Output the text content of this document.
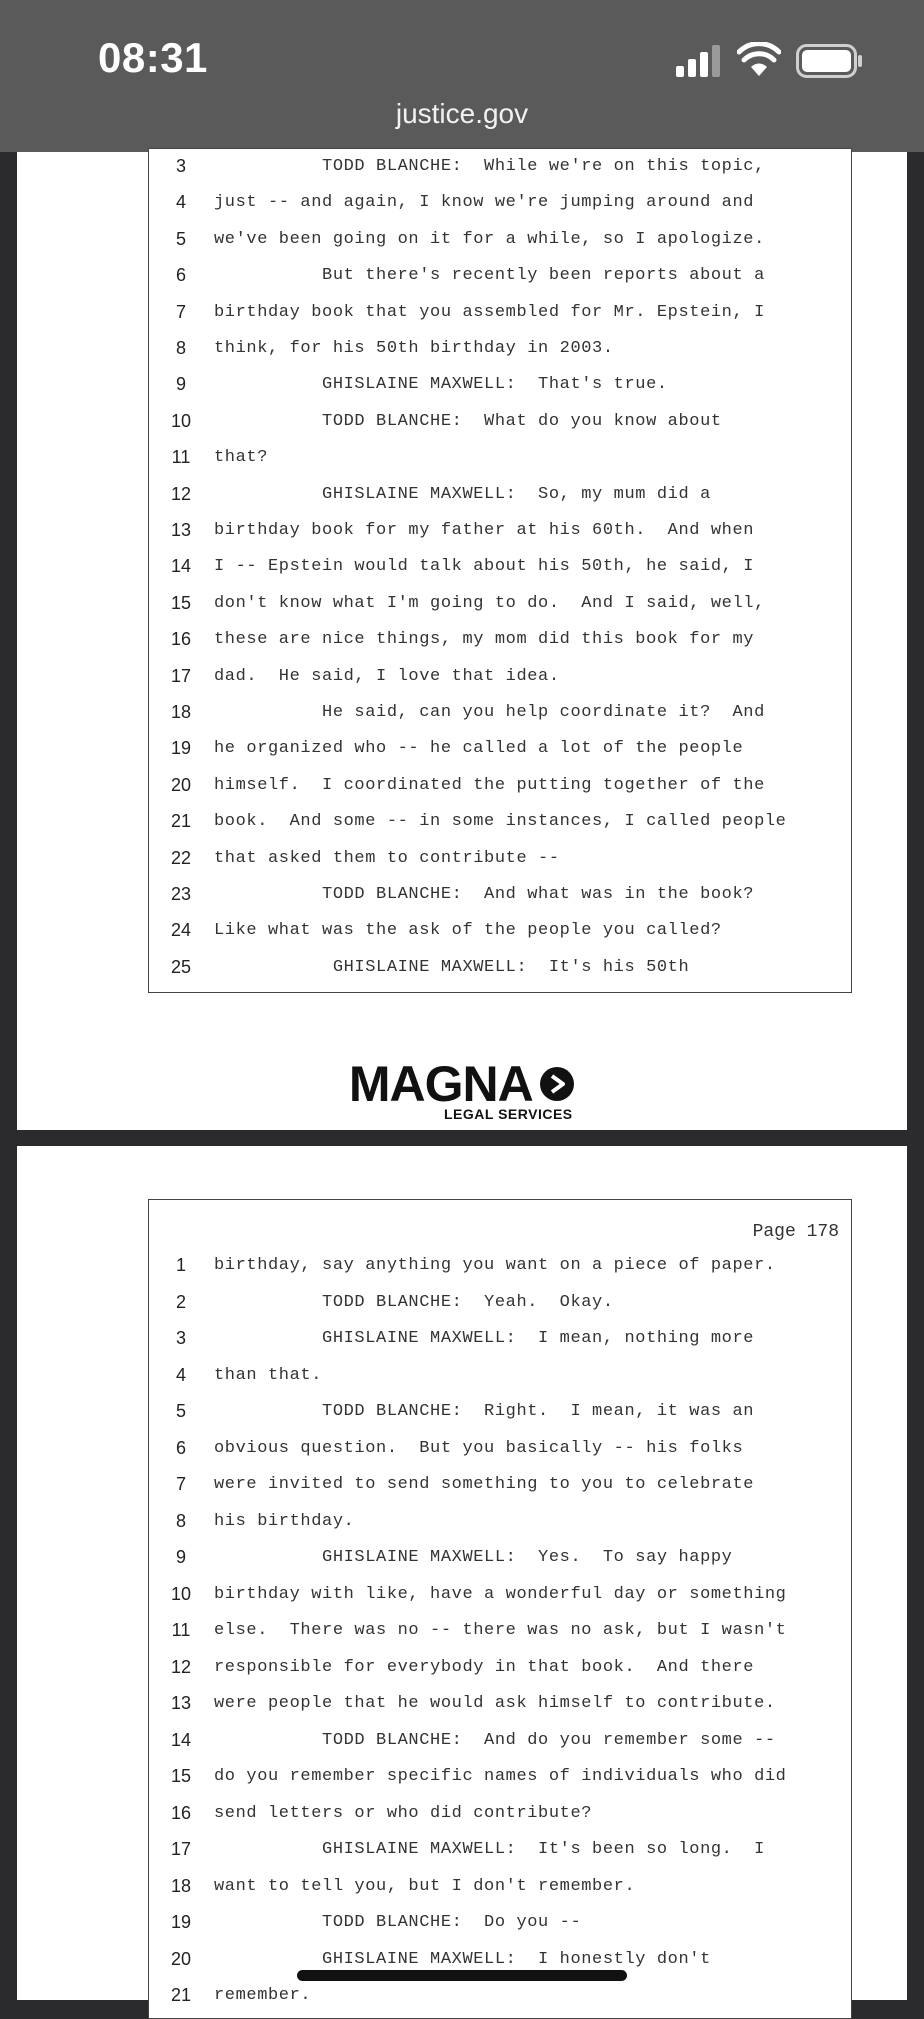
08:31
justice.gov
3	TODD BLANCHE:  While we're on this topic,
4	just -- and again, I know we're jumping around and
5	we've been going on it for a while, so I apologize.
6	But there's recently been reports about a
7	birthday book that you assembled for Mr. Epstein, I
8	think, for his 50th birthday in 2003.
9	GHISLAINE MAXWELL:  That's true.
10	TODD BLANCHE:  What do you know about
11	that?
12	GHISLAINE MAXWELL:  So, my mum did a
13	birthday book for my father at his 60th.  And when
14	I -- Epstein would talk about his 50th, he said, I
15	don't know what I'm going to do.  And I said, well,
16	these are nice things, my mom did this book for my
17	dad.  He said, I love that idea.
18	He said, can you help coordinate it?  And
19	he organized who -- he called a lot of the people
20	himself.  I coordinated the putting together of the
21	book.  And some -- in some instances, I called people
22	that asked them to contribute --
23	TODD BLANCHE:  And what was in the book?
24	Like what was the ask of the people you called?
25	GHISLAINE MAXWELL:  It's his 50th
MAGNA
LEGAL SERVICES
Page 178
1	birthday, say anything you want on a piece of paper.
2	TODD BLANCHE:  Yeah.  Okay.
3	GHISLAINE MAXWELL:  I mean, nothing more
4	than that.
5	TODD BLANCHE:  Right.  I mean, it was an
6	obvious question.  But you basically -- his folks
7	were invited to send something to you to celebrate
8	his birthday.
9	GHISLAINE MAXWELL:  Yes.  To say happy
10	birthday with like, have a wonderful day or something
11	else.  There was no -- there was no ask, but I wasn't
12	responsible for everybody in that book.  And there
13	were people that he would ask himself to contribute.
14	TODD BLANCHE:  And do you remember some --
15	do you remember specific names of individuals who did
16	send letters or who did contribute?
17	GHISLAINE MAXWELL:  It's been so long.  I
18	want to tell you, but I don't remember.
19	TODD BLANCHE:  Do you --
20	GHISLAINE MAXWELL:  I honestly don't
21	remember.
